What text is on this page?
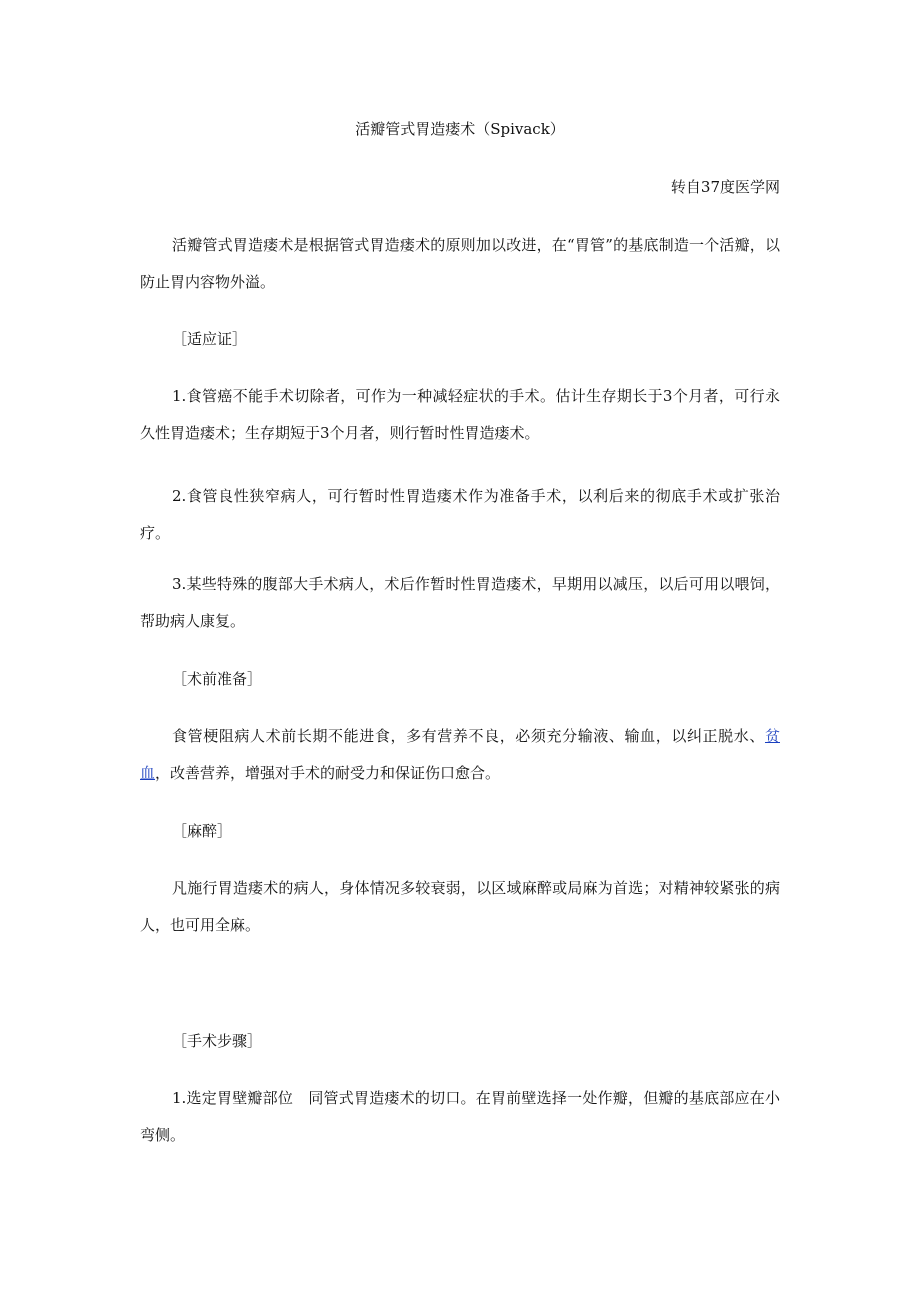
活瓣管式胃造瘘术（Spivack）
转自37度医学网

活瓣管式胃造瘘术是根据管式胃造瘘术的原则加以改进，在“胃管”的基底制造一个活瓣，以防止胃内容物外溢。

［适应证］

1.食管癌不能手术切除者，可作为一种减轻症状的手术。估计生存期长于3个月者，可行永久性胃造瘘术；生存期短于3个月者，则行暂时性胃造瘘术。

2.食管良性狭窄病人，可行暂时性胃造瘘术作为准备手术，以利后来的彻底手术或扩张治疗。

3.某些特殊的腹部大手术病人，术后作暂时性胃造瘘术，早期用以减压，以后可用以喂饲，帮助病人康复。

［术前准备］

食管梗阻病人术前长期不能进食，多有营养不良，必须充分输液、输血，以纠正脱水、贫血，改善营养，增强对手术的耐受力和保证伤口愈合。

［麻醉］

凡施行胃造瘘术的病人，身体情况多较衰弱，以区域麻醉或局麻为首选；对精神较紧张的病人，也可用全麻。

［手术步骤］

1.选定胃壁瓣部位　同管式胃造瘘术的切口。在胃前壁选择一处作瓣，但瓣的基底部应在小弯侧。
